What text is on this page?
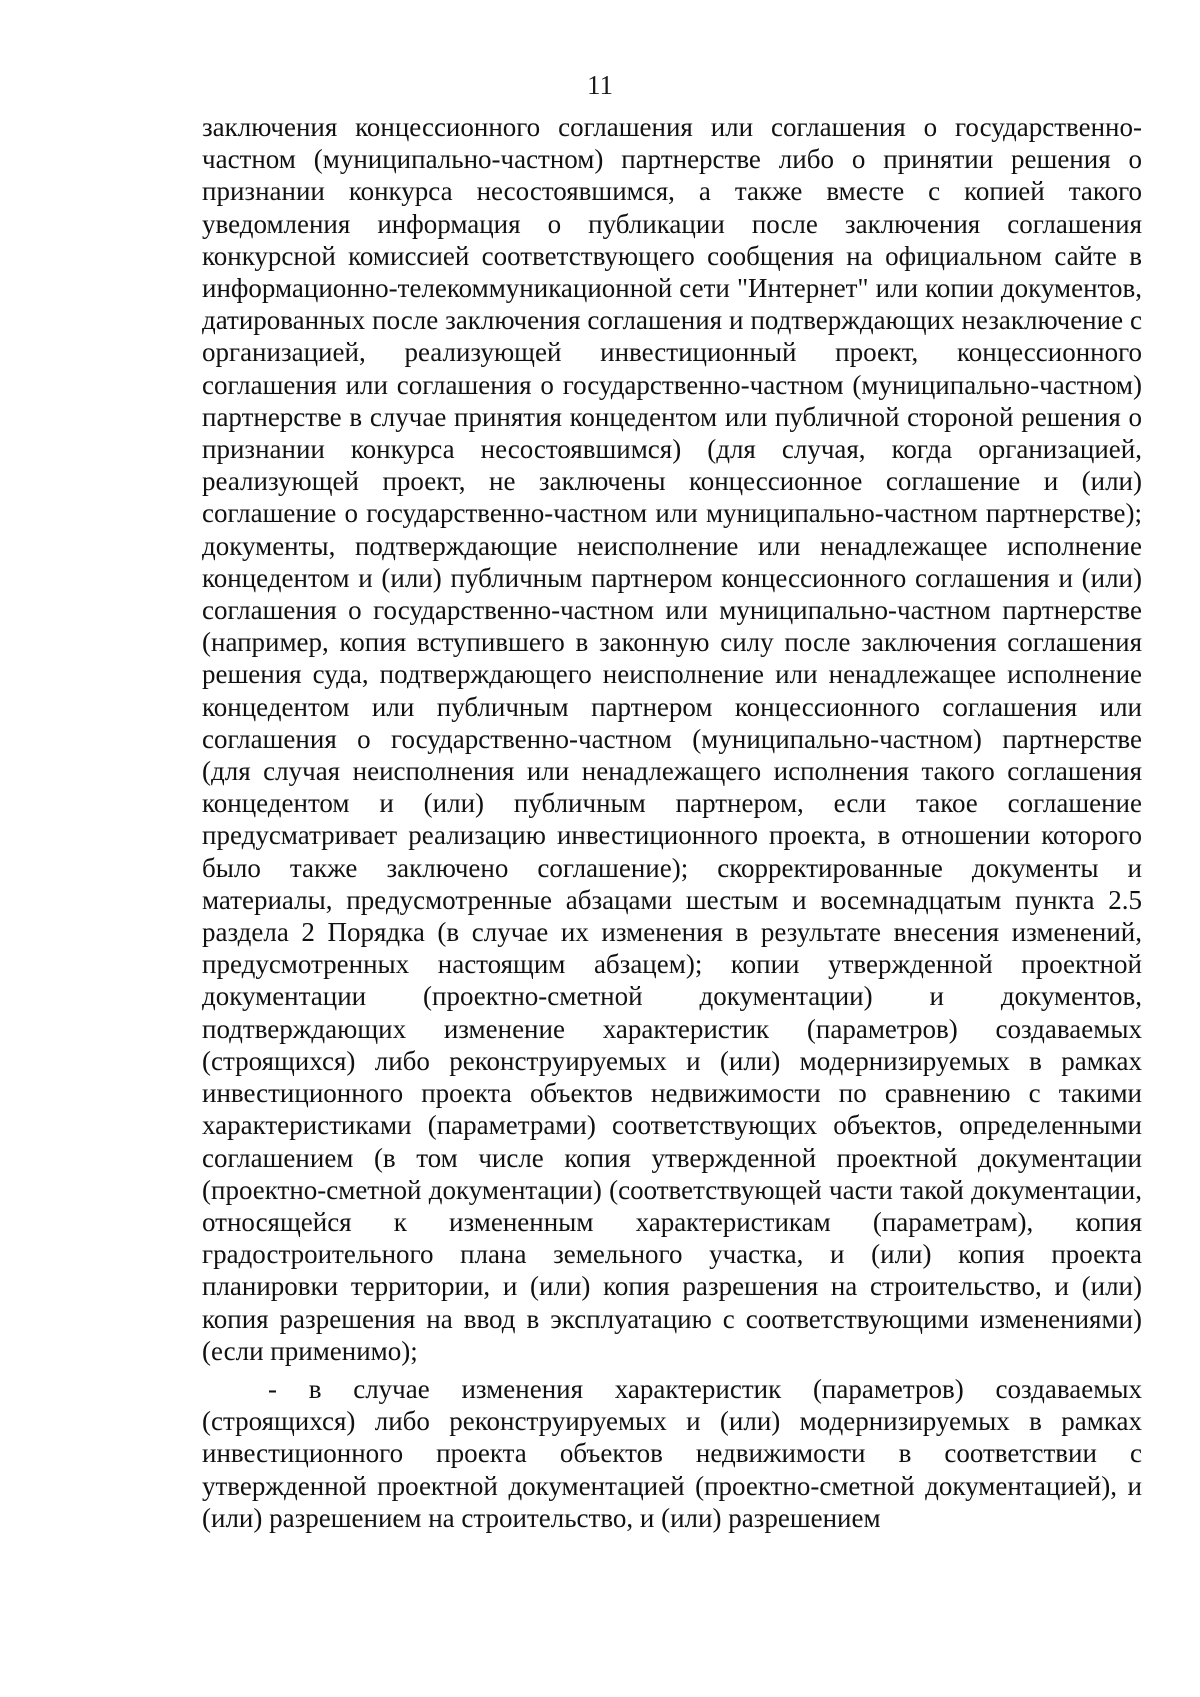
11

заключения концессионного соглашения или соглашения о государственно-частном (муниципально-частном) партнерстве либо о принятии решения о признании конкурса несостоявшимся, а также вместе с копией такого уведомления информация о публикации после заключения соглашения конкурсной комиссией соответствующего сообщения на официальном сайте в информационно-телекоммуникационной сети "Интернет" или копии документов, датированных после заключения соглашения и подтверждающих незаключение с организацией, реализующей инвестиционный проект, концессионного соглашения или соглашения о государственно-частном (муниципально-частном) партнерстве в случае принятия концедентом или публичной стороной решения о признании конкурса несостоявшимся) (для случая, когда организацией, реализующей проект, не заключены концессионное соглашение и (или) соглашение о государственно-частном или муниципально-частном партнерстве); документы, подтверждающие неисполнение или ненадлежащее исполнение концедентом и (или) публичным партнером концессионного соглашения и (или) соглашения о государственно-частном или муниципально-частном партнерстве (например, копия вступившего в законную силу после заключения соглашения решения суда, подтверждающего неисполнение или ненадлежащее исполнение концедентом или публичным партнером концессионного соглашения или соглашения о государственно-частном (муниципально-частном) партнерстве (для случая неисполнения или ненадлежащего исполнения такого соглашения концедентом и (или) публичным партнером, если такое соглашение предусматривает реализацию инвестиционного проекта, в отношении которого было также заключено соглашение); скорректированные документы и материалы, предусмотренные абзацами шестым и восемнадцатым пункта 2.5 раздела 2 Порядка (в случае их изменения в результате внесения изменений, предусмотренных настоящим абзацем); копии утвержденной проектной документации (проектно-сметной документации) и документов, подтверждающих изменение характеристик (параметров) создаваемых (строящихся) либо реконструируемых и (или) модернизируемых в рамках инвестиционного проекта объектов недвижимости по сравнению с такими характеристиками (параметрами) соответствующих объектов, определенными соглашением (в том числе копия утвержденной проектной документации (проектно-сметной документации) (соответствующей части такой документации, относящейся к измененным характеристикам (параметрам), копия градостроительного плана земельного участка, и (или) копия проекта планировки территории, и (или) копия разрешения на строительство, и (или) копия разрешения на ввод в эксплуатацию с соответствующими изменениями) (если применимо);

- в случае изменения характеристик (параметров) создаваемых (строящихся) либо реконструируемых и (или) модернизируемых в рамках инвестиционного проекта объектов недвижимости в соответствии с утвержденной проектной документацией (проектно-сметной документацией), и (или) разрешением на строительство, и (или) разрешением
